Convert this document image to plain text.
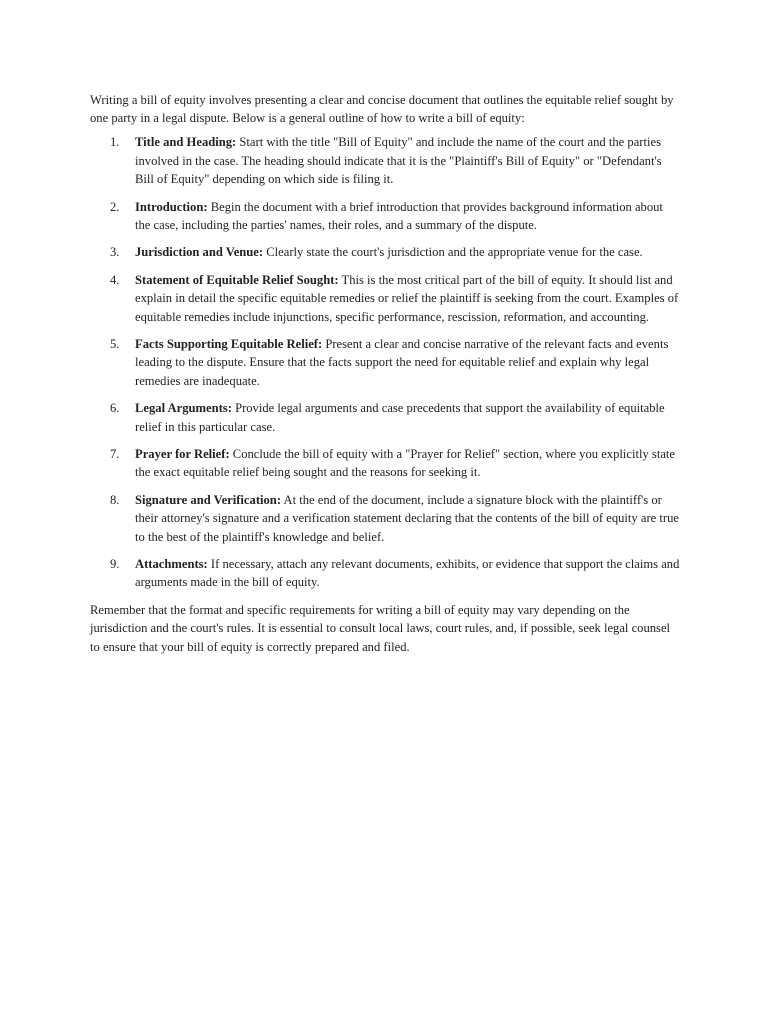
Writing a bill of equity involves presenting a clear and concise document that outlines the equitable relief sought by one party in a legal dispute. Below is a general outline of how to write a bill of equity:

1.	Title and Heading: Start with the title "Bill of Equity" and include the name of the court and the parties involved in the case. The heading should indicate that it is the "Plaintiff's Bill of Equity" or "Defendant's Bill of Equity" depending on which side is filing it.
2.	Introduction: Begin the document with a brief introduction that provides background information about the case, including the parties' names, their roles, and a summary of the dispute.
3.	Jurisdiction and Venue: Clearly state the court's jurisdiction and the appropriate venue for the case.
4.	Statement of Equitable Relief Sought: This is the most critical part of the bill of equity. It should list and explain in detail the specific equitable remedies or relief the plaintiff is seeking from the court. Examples of equitable remedies include injunctions, specific performance, rescission, reformation, and accounting.
5.	Facts Supporting Equitable Relief: Present a clear and concise narrative of the relevant facts and events leading to the dispute. Ensure that the facts support the need for equitable relief and explain why legal remedies are inadequate.
6.	Legal Arguments: Provide legal arguments and case precedents that support the availability of equitable relief in this particular case.
7.	Prayer for Relief: Conclude the bill of equity with a "Prayer for Relief" section, where you explicitly state the exact equitable relief being sought and the reasons for seeking it.
8.	Signature and Verification: At the end of the document, include a signature block with the plaintiff's or their attorney's signature and a verification statement declaring that the contents of the bill of equity are true to the best of the plaintiff's knowledge and belief.
9.	Attachments: If necessary, attach any relevant documents, exhibits, or evidence that support the claims and arguments made in the bill of equity.

Remember that the format and specific requirements for writing a bill of equity may vary depending on the jurisdiction and the court's rules. It is essential to consult local laws, court rules, and, if possible, seek legal counsel to ensure that your bill of equity is correctly prepared and filed.
